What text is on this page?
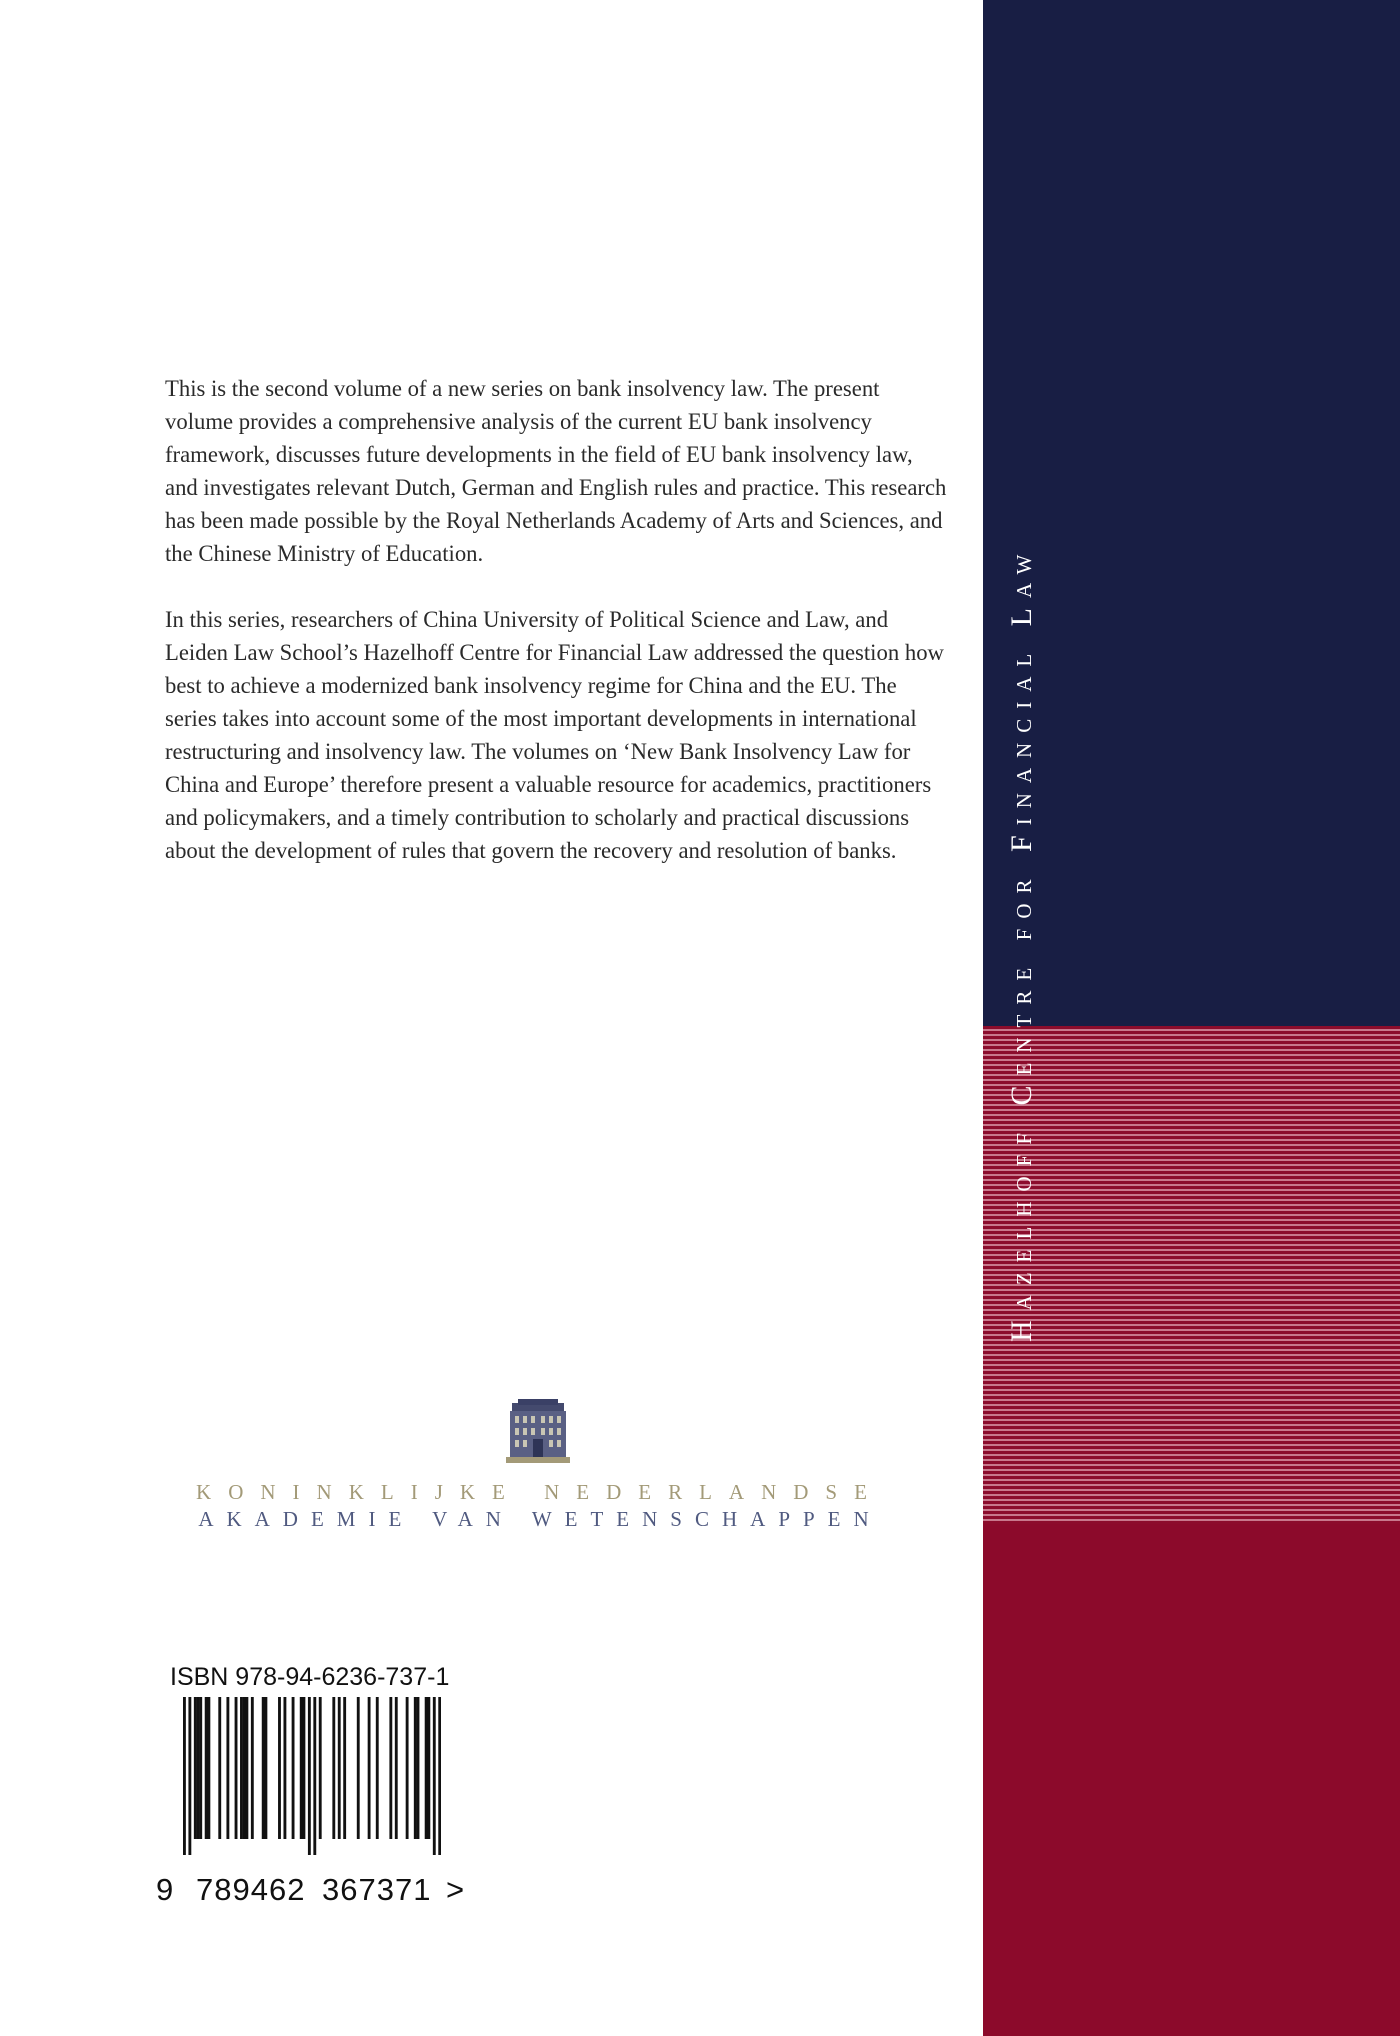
Hazelhoff Centre for Financial Law

This is the second volume of a new series on bank insolvency law. The present volume provides a comprehensive analysis of the current EU bank insolvency framework, discusses future developments in the field of EU bank insolvency law, and investigates relevant Dutch, German and English rules and practice. This research has been made possible by the Royal Netherlands Academy of Arts and Sciences, and the Chinese Ministry of Education.

In this series, researchers of China University of Political Science and Law, and Leiden Law School’s Hazelhoff Centre for Financial Law addressed the question how best to achieve a modernized bank insolvency regime for China and the EU. The series takes into account some of the most important developments in international restructuring and insolvency law. The volumes on ‘New Bank Insolvency Law for China and Europe’ therefore present a valuable resource for academics, practitioners and policymakers, and a timely contribution to scholarly and practical discussions about the development of rules that govern the recovery and resolution of banks.

KONINKLIJKE NEDERLANDSE
AKADEMIE VAN WETENSCHAPPEN
ISBN 978-94-6236-737-1
9 789462 367371 >
